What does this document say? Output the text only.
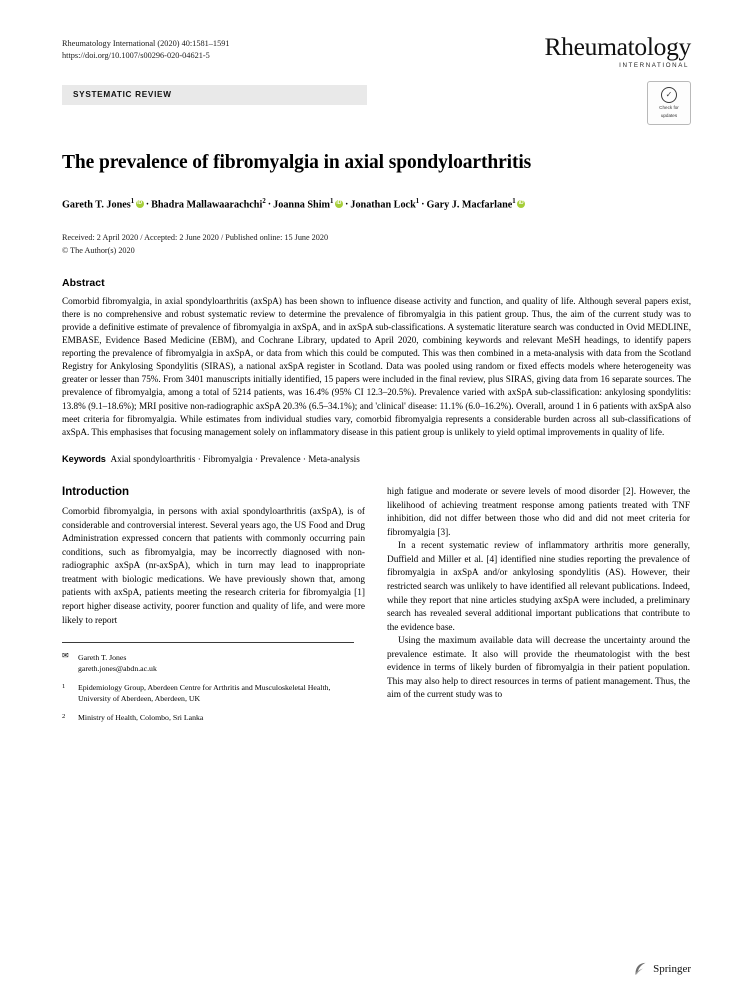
Rheumatology International (2020) 40:1581–1591
https://doi.org/10.1007/s00296-020-04621-5	Rheumatology
INTERNATIONAL
SYSTEMATIC REVIEW	✓
Check for
updates
The prevalence of fibromyalgia in axial spondyloarthritis
Gareth T. Jones$^1$ iD · Bhadra Mallawaarachchi$^2$ · Joanna Shim$^1$ iD · Jonathan Lock$^1$ · Gary J. Macfarlane$^1$iD
Received: 2 April 2020 / Accepted: 2 June 2020 / Published online: 15 June 2020
© The Author(s) 2020
Abstract
Comorbid fibromyalgia, in axial spondyloarthritis (axSpA) has been shown to influence disease activity and function, and quality of life. Although several papers exist, there is no comprehensive and robust systematic review to determine the prevalence of fibromyalgia in this patient group. Thus, the aim of the current study was to provide a definitive estimate of prevalence of fibromyalgia in axSpA, and in axSpA sub-classifications. A systematic literature search was conducted in Ovid MEDLINE, EMBASE, Evidence Based Medicine (EBM), and Cochrane Library, updated to April 2020, combining keywords and relevant MeSH headings, to identify papers reporting the prevalence of fibromyalgia in axSpA, or data from which this could be computed. This was then combined in a meta-analysis with data from the Scotland Registry for Ankylosing Spondylitis (SIRAS), a national axSpA register in Scotland. Data was pooled using random or fixed effects models where heterogeneity was greater or lesser than 75%. From 3401 manuscripts initially identified, 15 papers were included in the final review, plus SIRAS, giving data from 16 separate sources. The prevalence of fibromyalgia, among a total of 5214 patients, was 16.4% (95% CI 12.3–20.5%). Prevalence varied with axSpA sub-classification: ankylosing spondylitis: 13.8% (9.1–18.6%); MRI positive non-radiographic axSpA 20.3% (6.5–34.1%); and 'clinical' disease: 11.1% (6.0–16.2%). Overall, around 1 in 6 patients with axSpA also meet criteria for fibromyalgia. While estimates from individual studies vary, comorbid fibromyalgia represents a considerable burden across all sub-classifications of axSpA. This emphasises that focusing management solely on inflammatory disease in this patient group is unlikely to yield optimal improvements in quality of life.
Keywords Axial spondyloarthritis · Fibromyalgia · Prevalence · Meta-analysis
Introduction

Comorbid fibromyalgia, in persons with axial spondyloarthritis (axSpA), is of considerable and controversial interest. Several years ago, the US Food and Drug Administration expressed concern that patients with commonly occurring pain conditions, such as fibromyalgia, may be incorrectly diagnosed with non-radiographic axSpA (nr-axSpA), which in turn may lead to inappropriate treatment with biologic medications. We have previously shown that, among patients with axSpA, patients meeting the research criteria for fibromyalgia [1] report higher disease activity, poorer function and quality of life, and were more likely to report

✉	Gareth T. Jones
gareth.jones@abdn.ac.uk
1	Epidemiology Group, Aberdeen Centre for Arthritis and Musculoskeletal Health, University of Aberdeen, Aberdeen, UK
2	Ministry of Health, Colombo, Sri Lanka

high fatigue and moderate or severe levels of mood disorder [2]. However, the likelihood of achieving treatment response among patients treated with TNF inhibition, did not differ between those who did and did not meet criteria for fibromyalgia [3].

In a recent systematic review of inflammatory arthritis more generally, Duffield and Miller et al. [4] identified nine studies reporting the prevalence of fibromyalgia in axSpA and/or ankylosing spondylitis (AS). However, their restricted search was unlikely to have identified all relevant publications. Indeed, while they report that nine articles studying axSpA were included, a preliminary search has revealed several additional important publications that contribute to the evidence base.

Using the maximum available data will decrease the uncertainty around the prevalence estimate. It also will provide the rheumatologist with the best evidence in terms of likely burden of fibromyalgia in their patient population. This may also help to direct resources in terms of patient management. Thus, the aim of the current study was to

Springer
